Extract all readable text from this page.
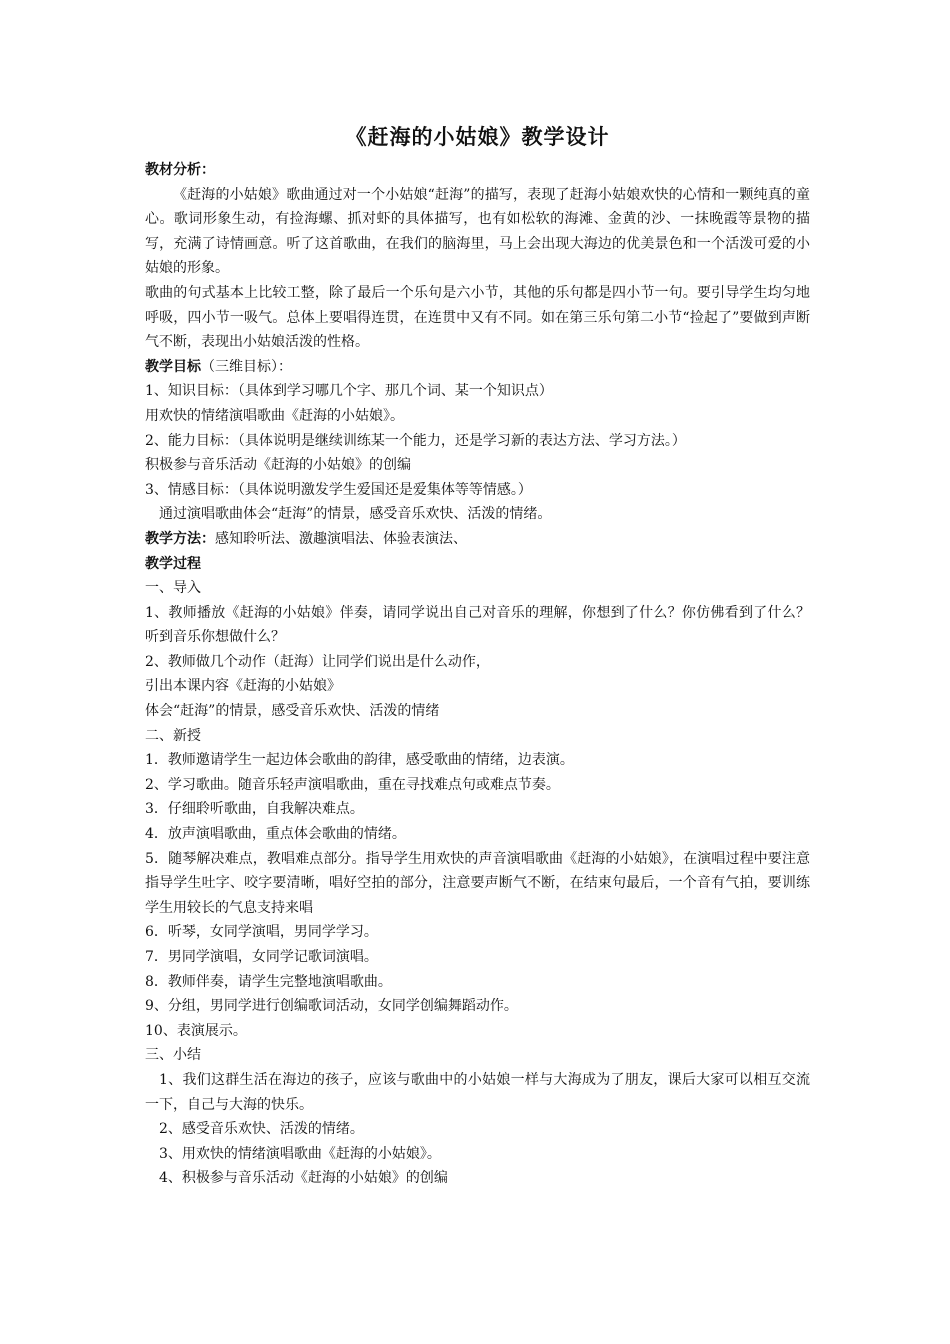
《赶海的小姑娘》教学设计

教材分析：

《赶海的小姑娘》歌曲通过对一个小姑娘“赶海”的描写，表现了赶海小姑娘欢快的心情和一颗纯真的童心。歌词形象生动，有捡海螺、抓对虾的具体描写，也有如松软的海滩、金黄的沙、一抹晚霞等景物的描写，充满了诗情画意。听了这首歌曲，在我们的脑海里，马上会出现大海边的优美景色和一个活泼可爱的小姑娘的形象。

歌曲的句式基本上比较工整，除了最后一个乐句是六小节，其他的乐句都是四小节一句。要引导学生均匀地呼吸，四小节一吸气。总体上要唱得连贯，在连贯中又有不同。如在第三乐句第二小节“捡起了”要做到声断气不断，表现出小姑娘活泼的性格。

教学目标（三维目标）：

1、知识目标：（具体到学习哪几个字、那几个词、某一个知识点）

用欢快的情绪演唱歌曲《赶海的小姑娘》。

2、能力目标：（具体说明是继续训练某一个能力，还是学习新的表达方法、学习方法。）

积极参与音乐活动《赶海的小姑娘》的创编

3、情感目标：（具体说明激发学生爱国还是爱集体等等情感。）

通过演唱歌曲体会“赶海”的情景，感受音乐欢快、活泼的情绪。

教学方法：感知聆听法、激趣演唱法、体验表演法、

教学过程

一、导入

1、教师播放《赶海的小姑娘》伴奏，请同学说出自己对音乐的理解，你想到了什么？你仿佛看到了什么？听到音乐你想做什么？

2、教师做几个动作（赶海）让同学们说出是什么动作，

引出本课内容《赶海的小姑娘》

体会“赶海”的情景，感受音乐欢快、活泼的情绪

二、新授

1．教师邀请学生一起边体会歌曲的韵律，感受歌曲的情绪，边表演。

2、学习歌曲。随音乐轻声演唱歌曲，重在寻找难点句或难点节奏。

3．仔细聆听歌曲，自我解决难点。

4．放声演唱歌曲，重点体会歌曲的情绪。

5．随琴解决难点，教唱难点部分。指导学生用欢快的声音演唱歌曲《赶海的小姑娘》，在演唱过程中要注意指导学生吐字、咬字要清晰，唱好空拍的部分，注意要声断气不断，在结束句最后，一个音有气拍，要训练学生用较长的气息支持来唱

6．听琴，女同学演唱，男同学学习。

7．男同学演唱，女同学记歌词演唱。

8．教师伴奏，请学生完整地演唱歌曲。

9、分组，男同学进行创编歌词活动，女同学创编舞蹈动作。

10、表演展示。

三、小结

1、我们这群生活在海边的孩子，应该与歌曲中的小姑娘一样与大海成为了朋友，课后大家可以相互交流一下，自己与大海的快乐。

2、感受音乐欢快、活泼的情绪。

3、用欢快的情绪演唱歌曲《赶海的小姑娘》。

4、积极参与音乐活动《赶海的小姑娘》的创编
